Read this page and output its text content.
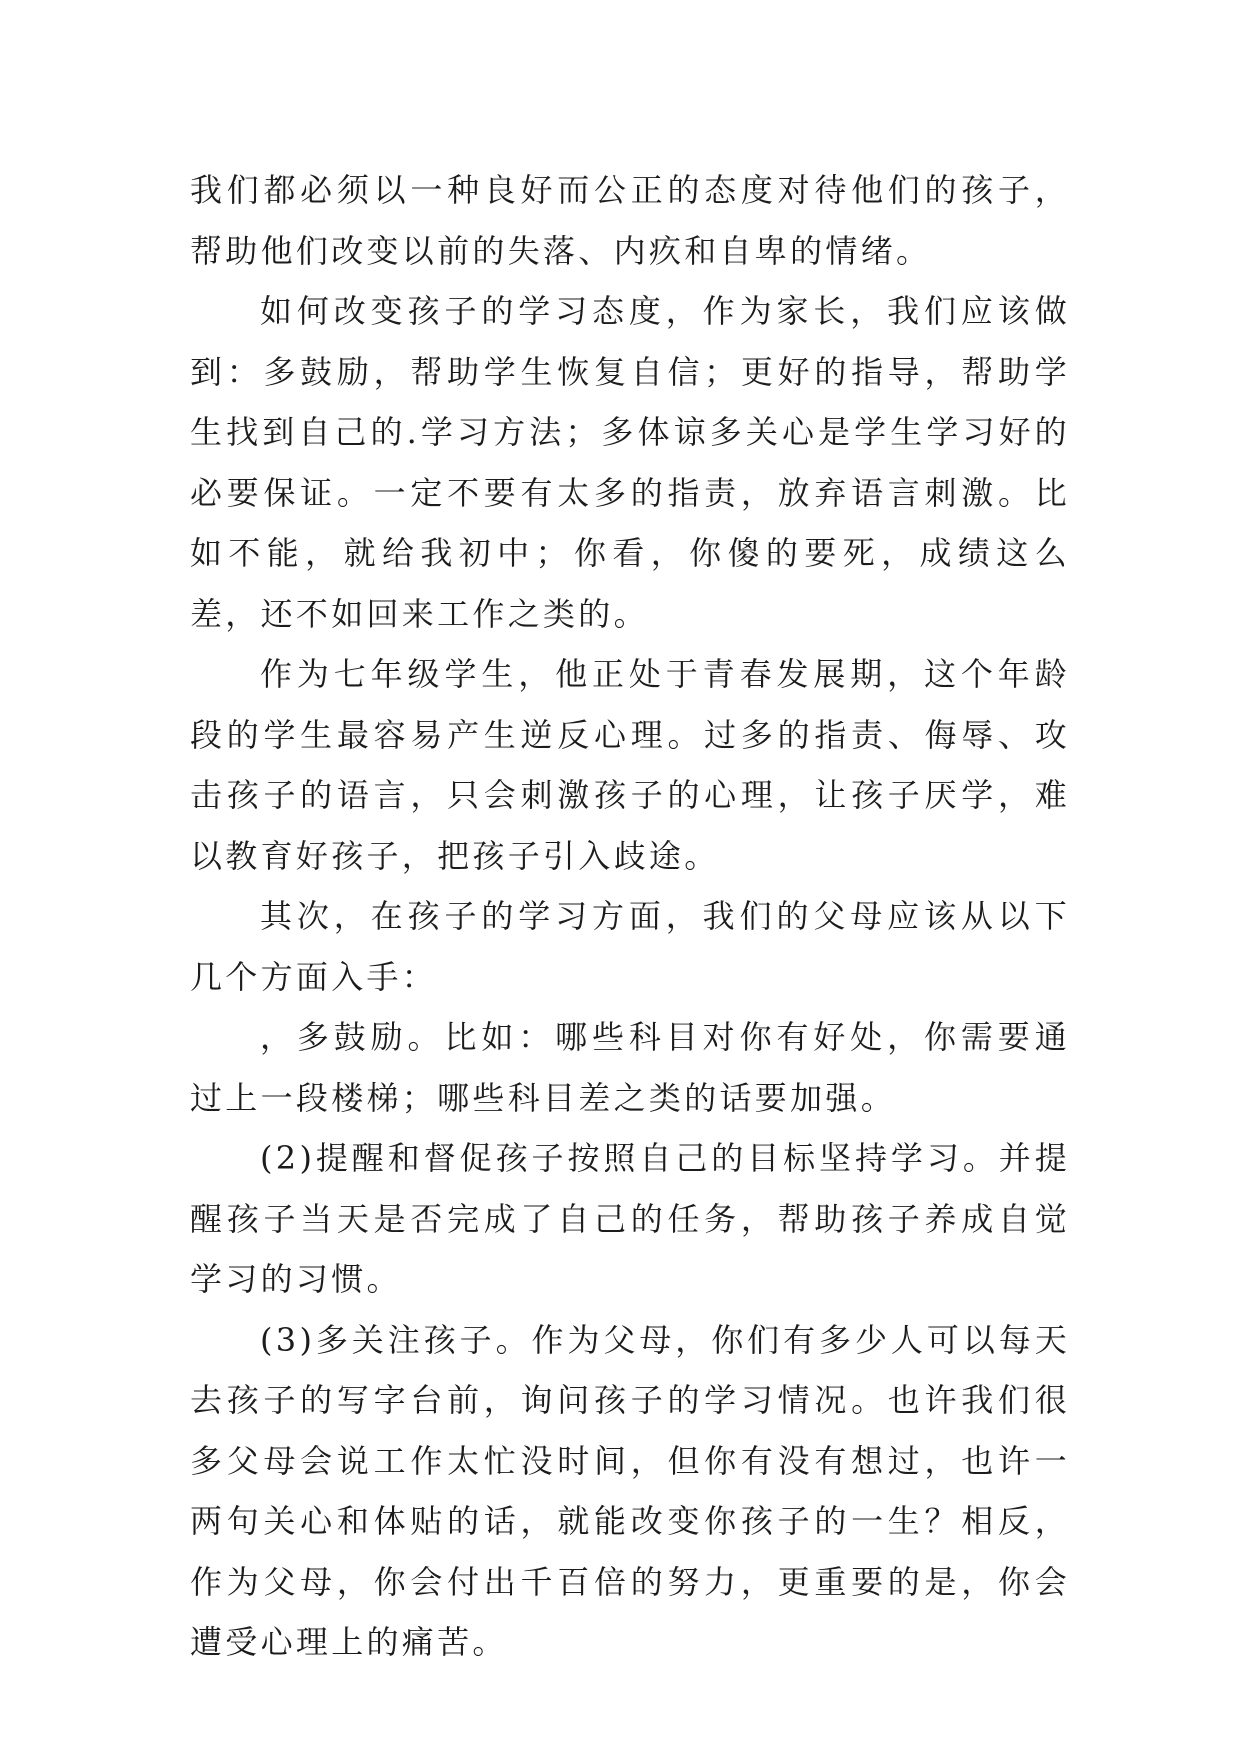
我们都必须以一种良好而公正的态度对待他们的孩子，帮助他们改变以前的失落、内疚和自卑的情绪。

如何改变孩子的学习态度，作为家长，我们应该做到：多鼓励，帮助学生恢复自信；更好的指导，帮助学生找到自己的.学习方法；多体谅多关心是学生学习好的必要保证。一定不要有太多的指责，放弃语言刺激。比如不能，就给我初中；你看，你傻的要死，成绩这么差，还不如回来工作之类的。

作为七年级学生，他正处于青春发展期，这个年龄段的学生最容易产生逆反心理。过多的指责、侮辱、攻击孩子的语言，只会刺激孩子的心理，让孩子厌学，难以教育好孩子，把孩子引入歧途。

其次，在孩子的学习方面，我们的父母应该从以下几个方面入手：

，多鼓励。比如：哪些科目对你有好处，你需要通过上一段楼梯；哪些科目差之类的话要加强。

(2)提醒和督促孩子按照自己的目标坚持学习。并提醒孩子当天是否完成了自己的任务，帮助孩子养成自觉学习的习惯。

(3)多关注孩子。作为父母，你们有多少人可以每天去孩子的写字台前，询问孩子的学习情况。也许我们很多父母会说工作太忙没时间，但你有没有想过，也许一两句关心和体贴的话，就能改变你孩子的一生？相反，作为父母，你会付出千百倍的努力，更重要的是，你会遭受心理上的痛苦。
